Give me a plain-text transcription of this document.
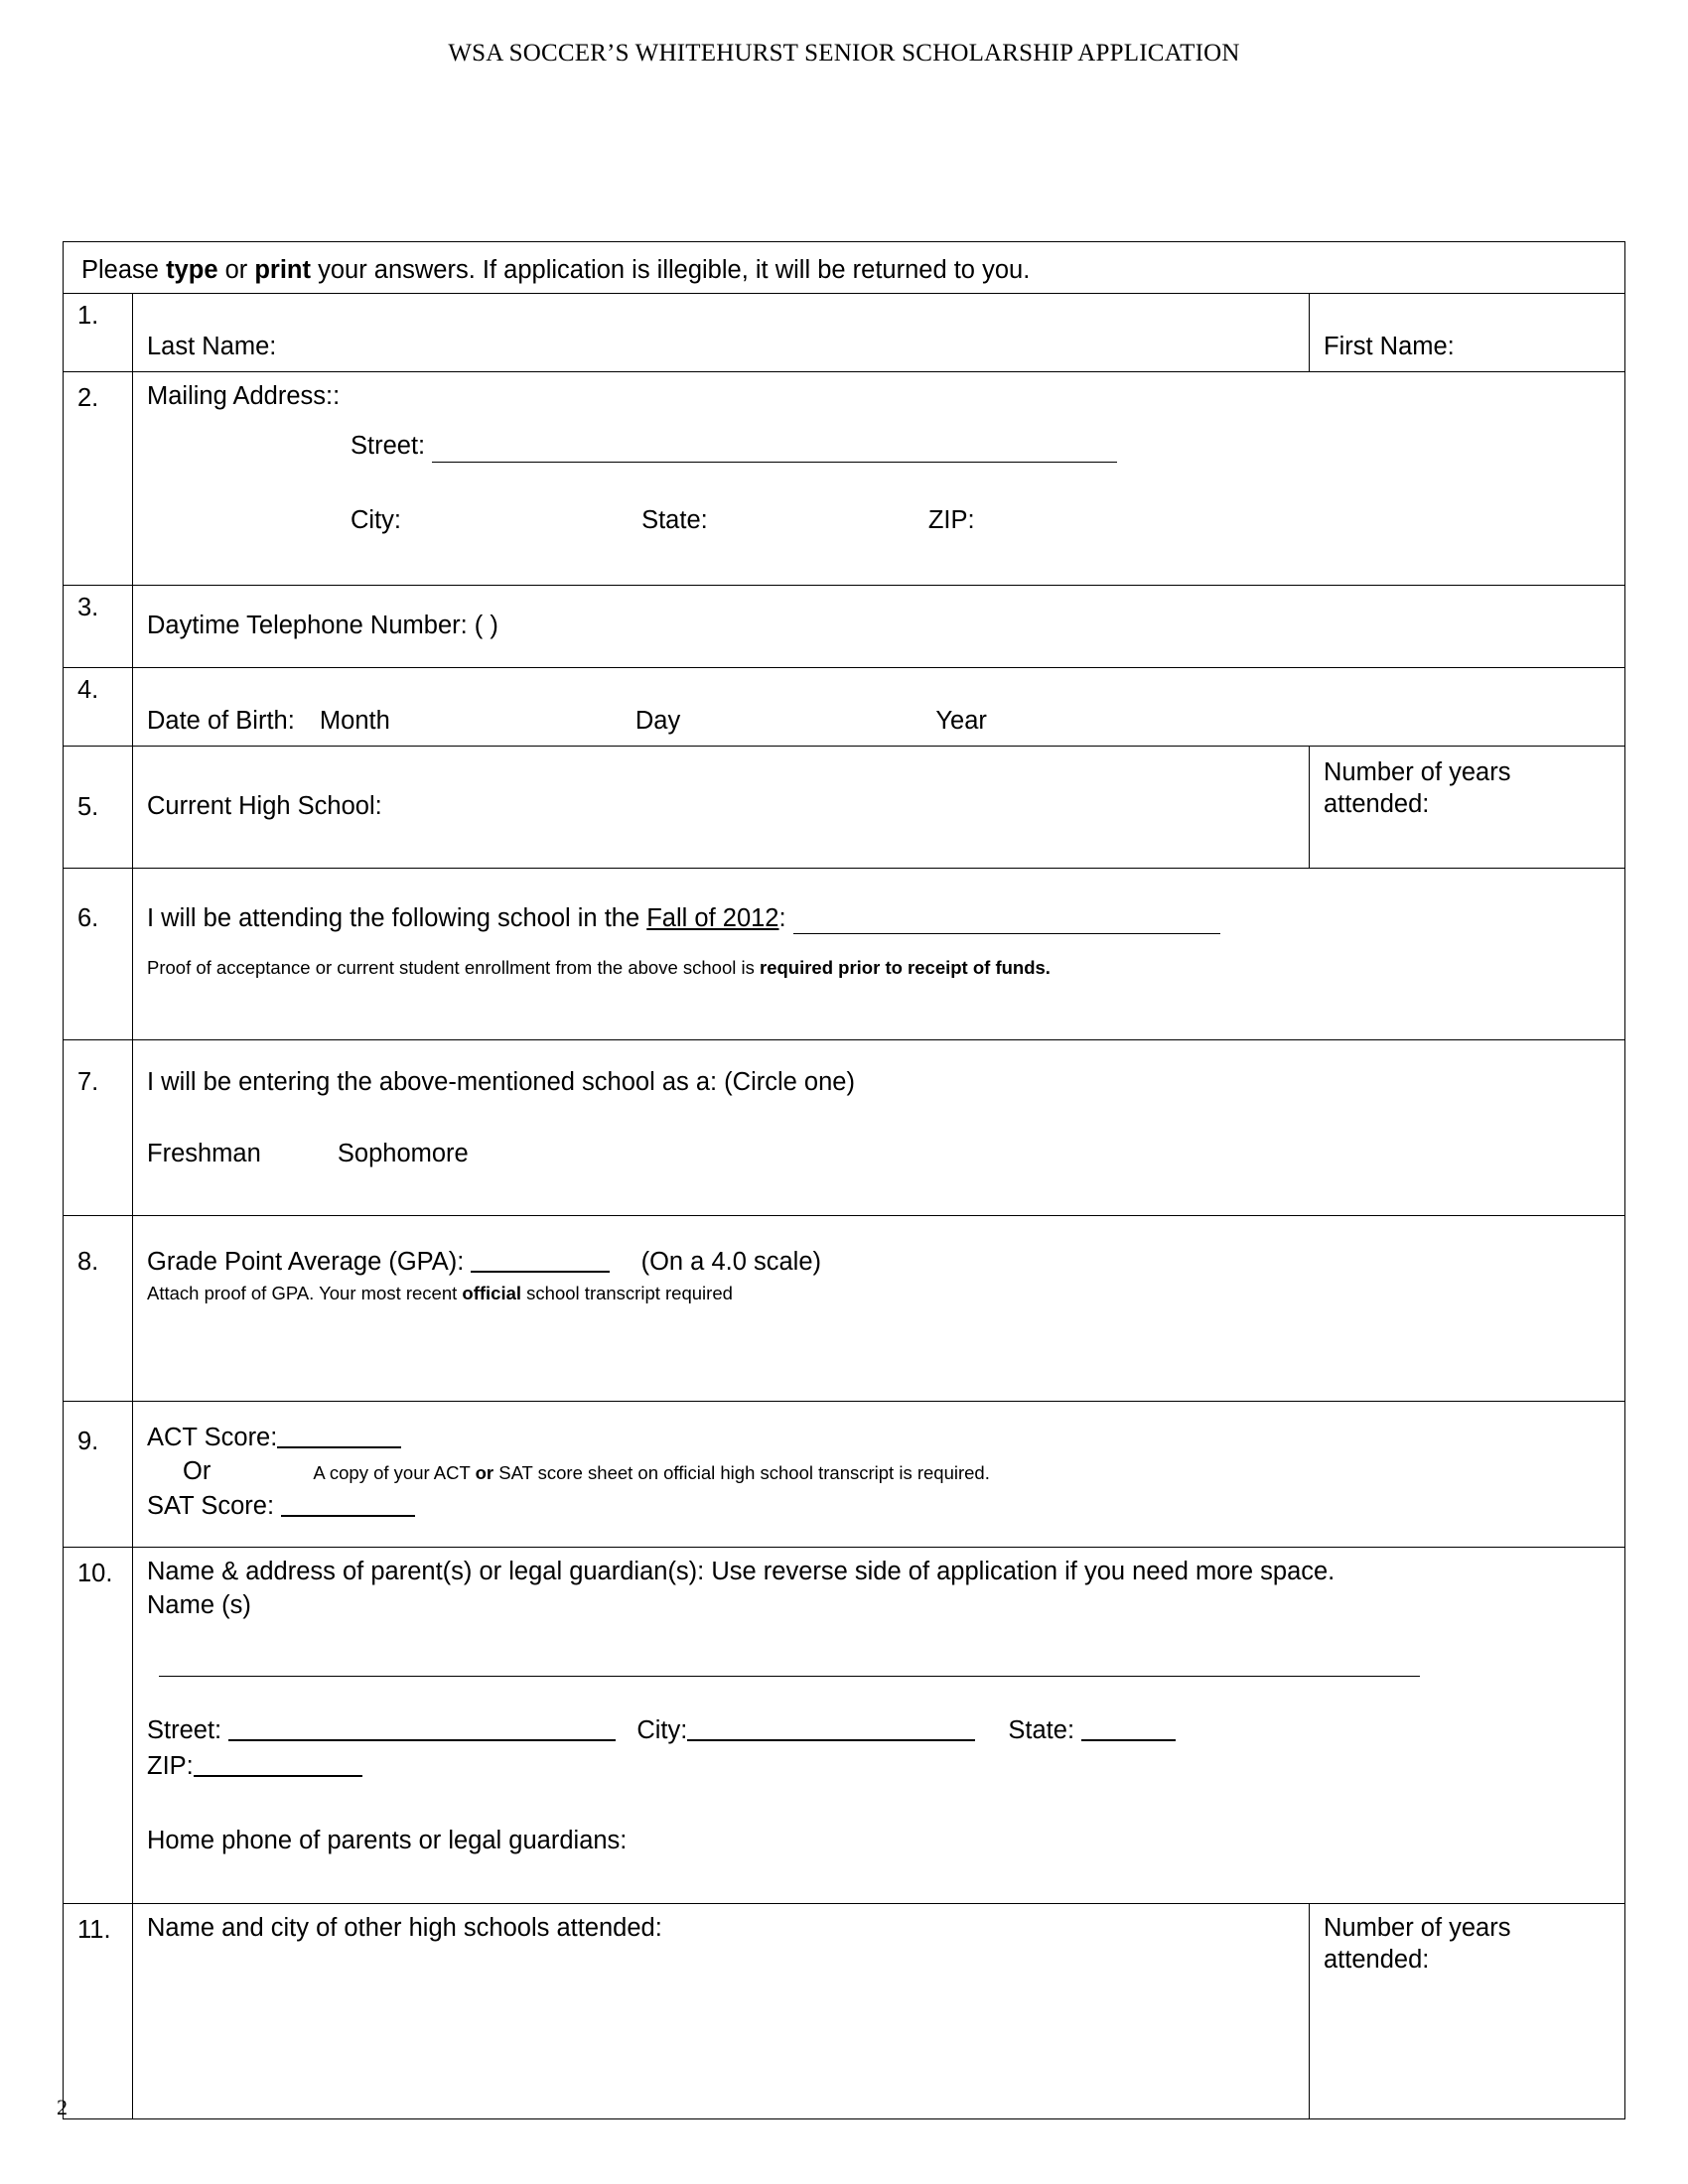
WSA SOCCER’S WHITEHURST SENIOR SCHOLARSHIP APPLICATION
Please type or print your answers. If application is illegible, it will be returned to you.		
1.	Last Name:	First Name:
2.	Mailing Address::
Street:
City: State: ZIP:	

3.	Daytime Telephone Number: ( )	
4.	Date of Birth: Month Day Year	
5.	Current High School:	Number of years attended:
6.	I will be attending the following school in the Fall of 2012:
Proof of acceptance or current student enrollment from the above school is required prior to receipt of funds.	

7.	I will be entering the above-mentioned school as a: (Circle one)
Freshman Sophomore	

8.	Grade Point Average (GPA): (On a 4.0 scale)
Attach proof of GPA. Your most recent official school transcript required	

9.	ACT Score:
Or A copy of your ACT or SAT score sheet on official high school transcript is required.
SAT Score:	

10.	Name & address of parent(s) or legal guardian(s): Use reverse side of application if you need more space.
Name (s)
Street: City: State:
ZIP:
Home phone of parents or legal guardians:	

11.	Name and city of other high schools attended:	Number of years attended:
2
